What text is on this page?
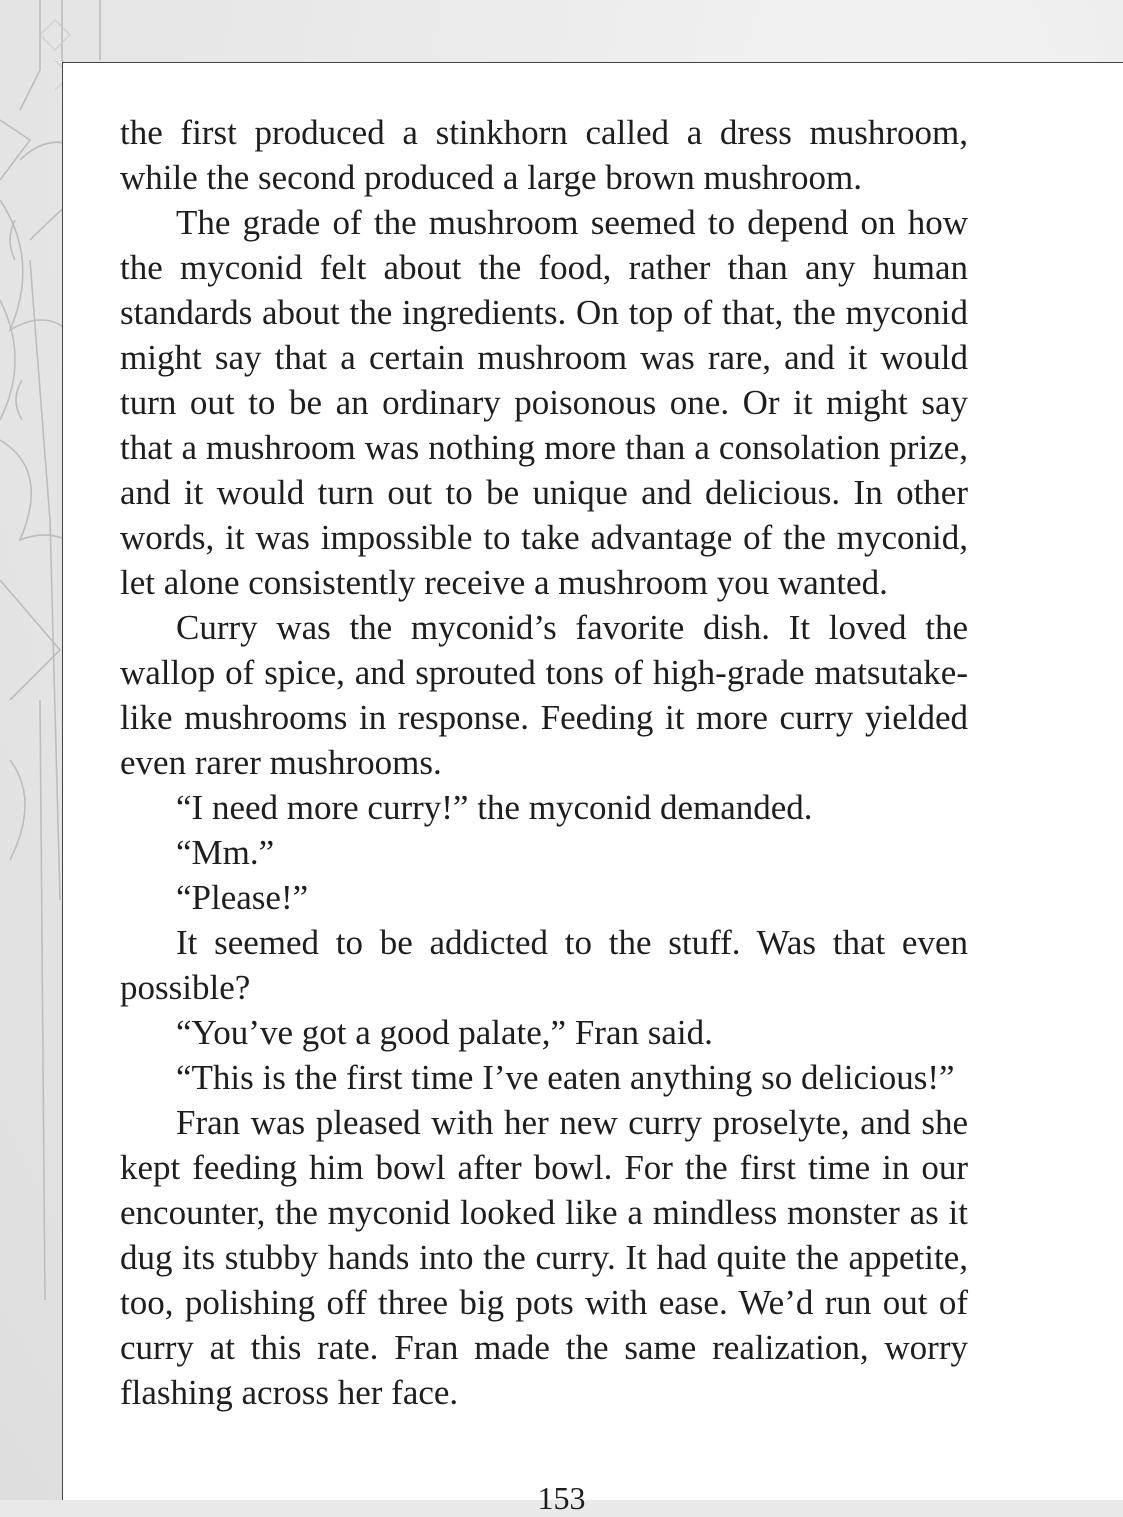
the first produced a stinkhorn called a dress mushroom, while the second produced a large brown mushroom.

The grade of the mushroom seemed to depend on how the myconid felt about the food, rather than any human standards about the ingredients. On top of that, the myconid might say that a certain mushroom was rare, and it would turn out to be an ordinary poisonous one. Or it might say that a mushroom was nothing more than a consolation prize, and it would turn out to be unique and delicious. In other words, it was impossible to take advantage of the myconid, let alone consistently receive a mushroom you wanted.

Curry was the myconid’s favorite dish. It loved the wallop of spice, and sprouted tons of high-grade matsutake-like mushrooms in response. Feeding it more curry yielded even rarer mushrooms.

“I need more curry!” the myconid demanded.

“Mm.”

“Please!”

It seemed to be addicted to the stuff. Was that even possible?

“You’ve got a good palate,” Fran said.

“This is the first time I’ve eaten anything so delicious!”

Fran was pleased with her new curry proselyte, and she kept feeding him bowl after bowl. For the first time in our encounter, the myconid looked like a mindless monster as it dug its stubby hands into the curry. It had quite the appetite, too, polishing off three big pots with ease. We’d run out of curry at this rate. Fran made the same realization, worry flashing across her face.

153
